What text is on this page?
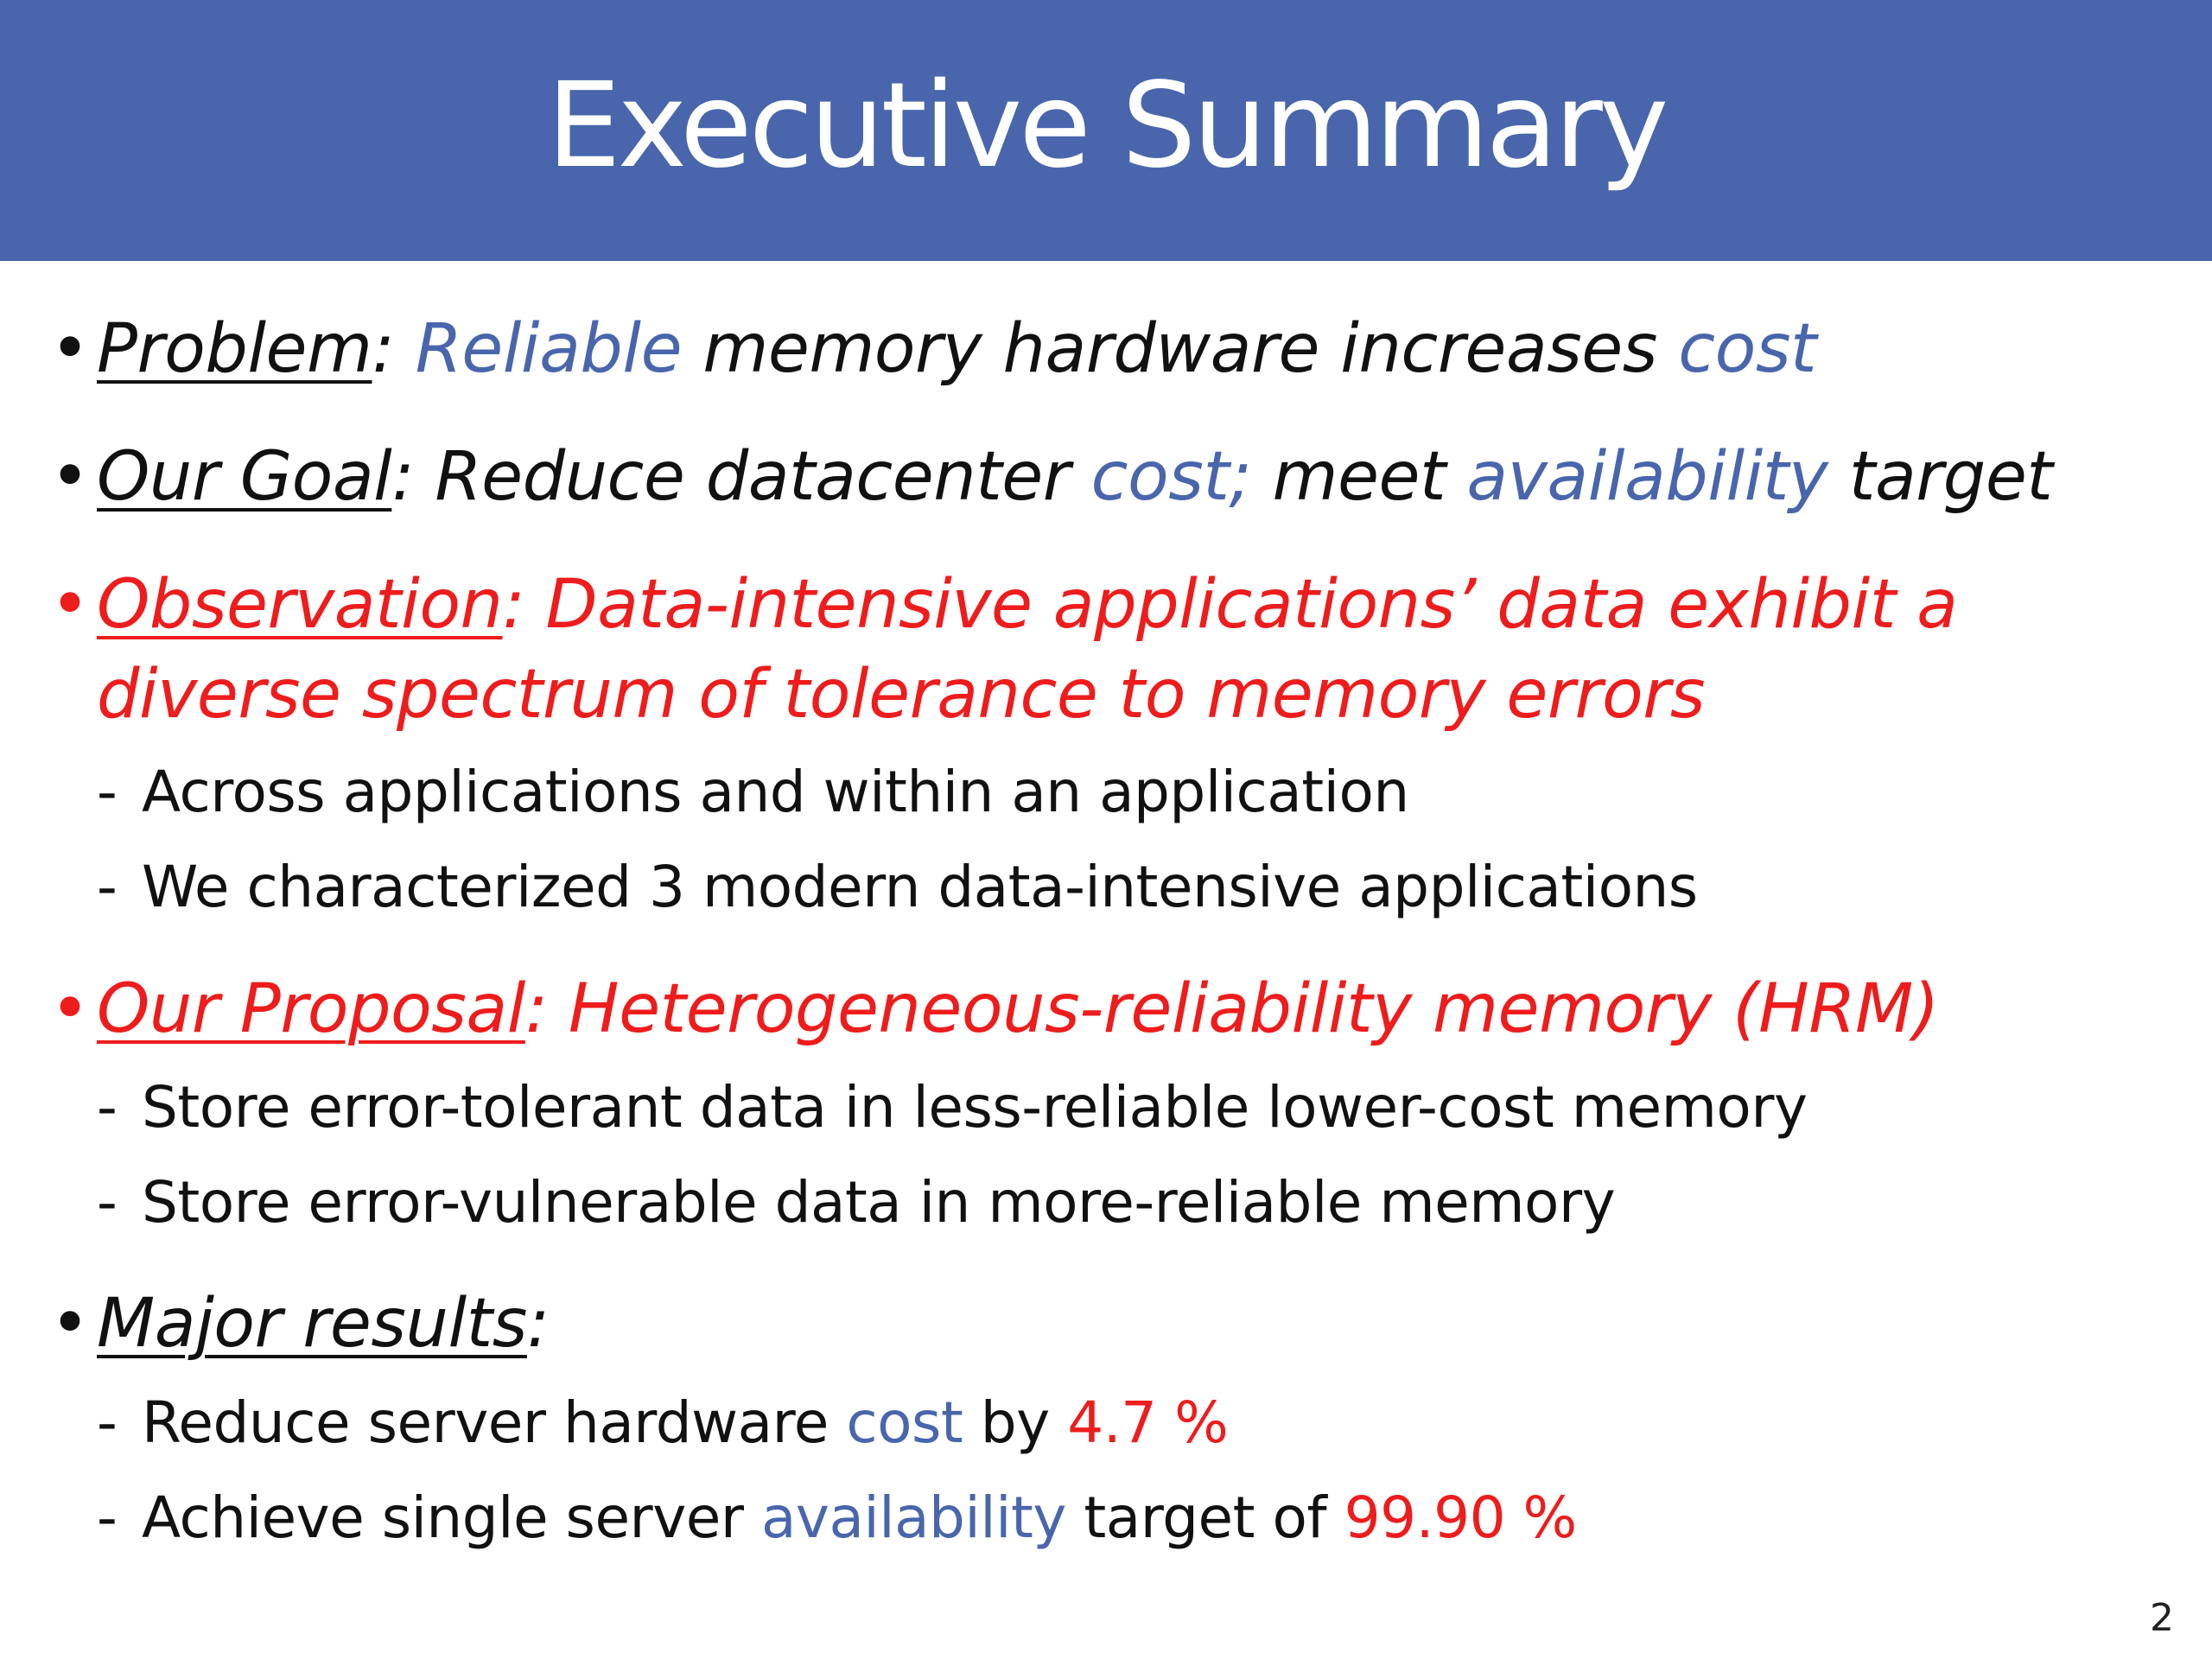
Executive Summary
• Problem: Reliable memory hardware increases cost
• Our Goal: Reduce datacenter cost; meet availability target
• Observation: Data-intensive applications’ data exhibit a
diverse spectrum of tolerance to memory errors
- Across applications and within an application
- We characterized 3 modern data-intensive applications
• Our Proposal: Heterogeneous-reliability memory (HRM)
- Store error-tolerant data in less-reliable lower-cost memory
- Store error-vulnerable data in more-reliable memory
• Major results:
- Reduce server hardware cost by 4.7 %
- Achieve single server availability target of 99.90 %
2
